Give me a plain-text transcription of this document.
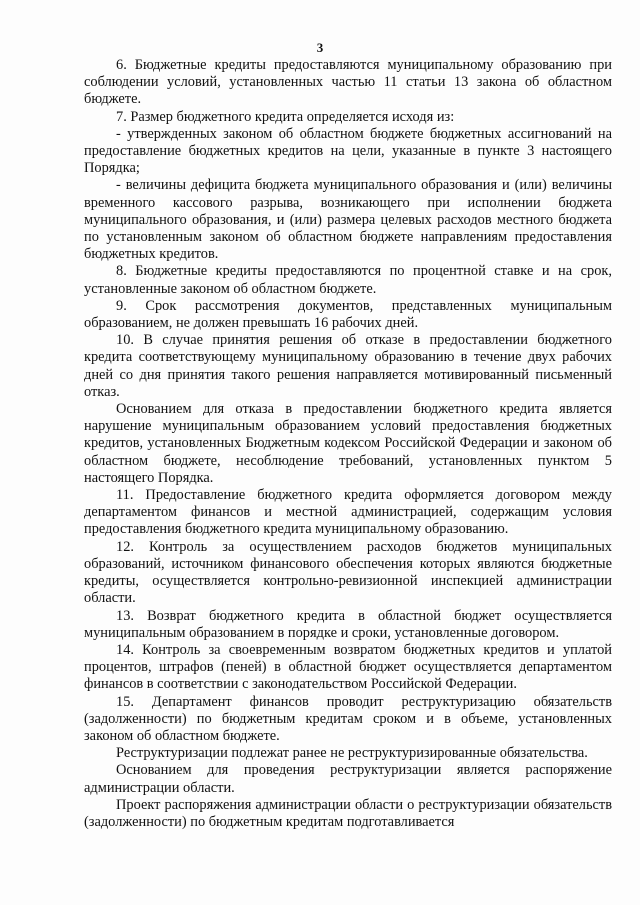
3

6. Бюджетные кредиты предоставляются муниципальному образованию при соблюдении условий, установленных частью 11 статьи 13 закона об областном бюджете.

7. Размер бюджетного кредита определяется исходя из:

- утвержденных законом об областном бюджете бюджетных ассигнований на предоставление бюджетных кредитов на цели, указанные в пункте 3 настоящего Порядка;

- величины дефицита бюджета муниципального образования и (или) величины временного кассового разрыва, возникающего при исполнении бюджета муниципального образования, и (или) размера целевых расходов местного бюджета по установленным законом об областном бюджете направлениям предоставления бюджетных кредитов.

8. Бюджетные кредиты предоставляются по процентной ставке и на срок, установленные законом об областном бюджете.

9. Срок рассмотрения документов, представленных муниципальным образованием, не должен превышать 16 рабочих дней.

10. В случае принятия решения об отказе в предоставлении бюджетного кредита соответствующему муниципальному образованию в течение двух рабочих дней со дня принятия такого решения направляется мотивированный письменный отказ.

Основанием для отказа в предоставлении бюджетного кредита является нарушение муниципальным образованием условий предоставления бюджетных кредитов, установленных Бюджетным кодексом Российской Федерации и законом об областном бюджете, несоблюдение требований, установленных пунктом 5 настоящего Порядка.

11. Предоставление бюджетного кредита оформляется договором между департаментом финансов и местной администрацией, содержащим условия предоставления бюджетного кредита муниципальному образованию.

12. Контроль за осуществлением расходов бюджетов муниципальных образований, источником финансового обеспечения которых являются бюджетные кредиты, осуществляется контрольно-ревизионной инспекцией администрации области.

13. Возврат бюджетного кредита в областной бюджет осуществляется муниципальным образованием в порядке и сроки, установленные договором.

14. Контроль за своевременным возвратом бюджетных кредитов и уплатой процентов, штрафов (пеней) в областной бюджет осуществляется департаментом финансов в соответствии с законодательством Российской Федерации.

15. Департамент финансов проводит реструктуризацию обязательств (задолженности) по бюджетным кредитам сроком и в объеме, установленных законом об областном бюджете.

Реструктуризации подлежат ранее не реструктуризированные обязательства.

Основанием для проведения реструктуризации является распоряжение администрации области.

Проект распоряжения администрации области о реструктуризации обязательств (задолженности) по бюджетным кредитам подготавливается
